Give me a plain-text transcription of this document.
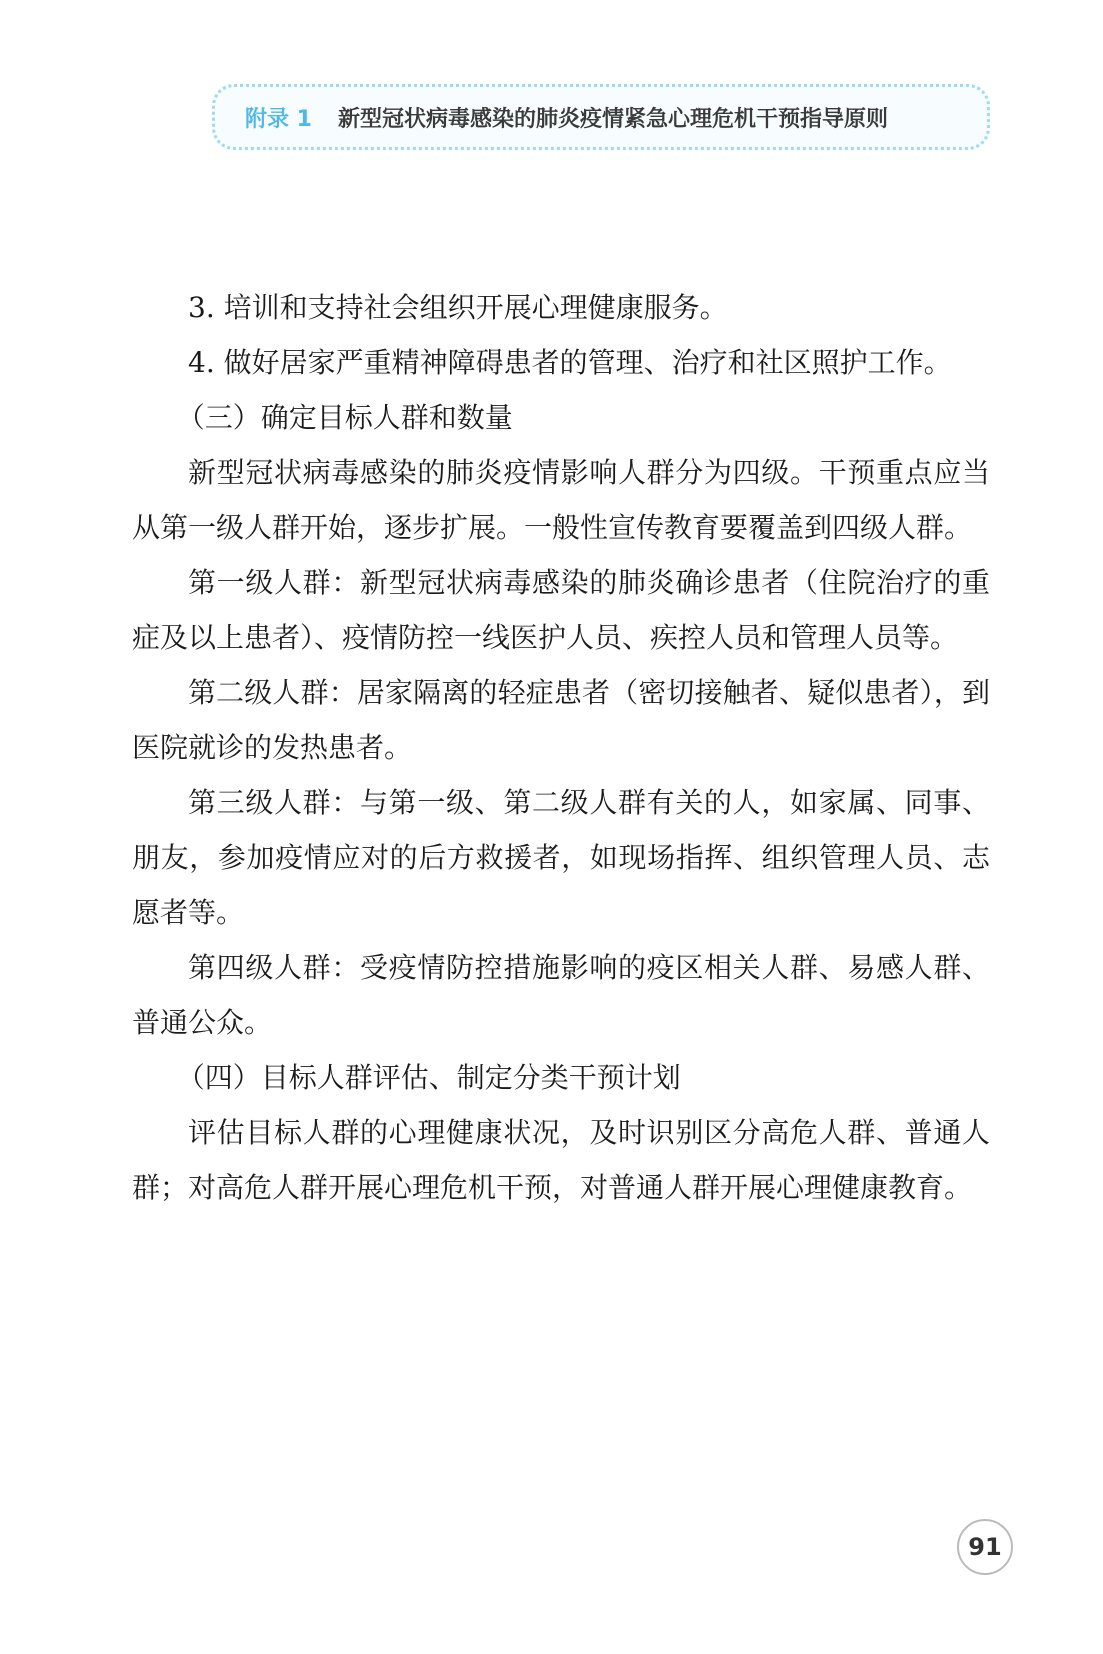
附录 1 新型冠状病毒感染的肺炎疫情紧急心理危机干预指导原则

3. 培训和支持社会组织开展心理健康服务。

4. 做好居家严重精神障碍患者的管理、治疗和社区照护工作。

（三）确定目标人群和数量

新型冠状病毒感染的肺炎疫情影响人群分为四级。干预重点应当从第一级人群开始，逐步扩展。一般性宣传教育要覆盖到四级人群。

第一级人群：新型冠状病毒感染的肺炎确诊患者（住院治疗的重症及以上患者）、疫情防控一线医护人员、疾控人员和管理人员等。

第二级人群：居家隔离的轻症患者（密切接触者、疑似患者），到医院就诊的发热患者。

第三级人群：与第一级、第二级人群有关的人，如家属、同事、朋友，参加疫情应对的后方救援者，如现场指挥、组织管理人员、志愿者等。

第四级人群：受疫情防控措施影响的疫区相关人群、易感人群、普通公众。

（四）目标人群评估、制定分类干预计划

评估目标人群的心理健康状况，及时识别区分高危人群、普通人群；对高危人群开展心理危机干预，对普通人群开展心理健康教育。

91
